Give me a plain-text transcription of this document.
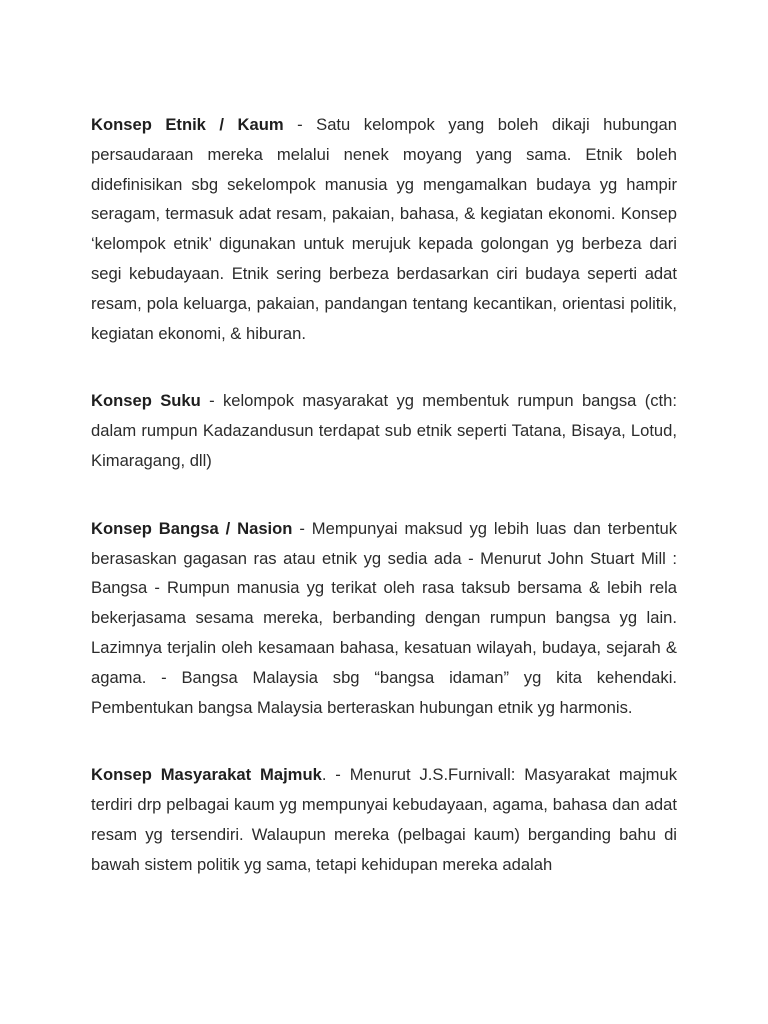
Konsep Etnik / Kaum - Satu kelompok yang boleh dikaji hubungan persaudaraan mereka melalui nenek moyang yang sama. Etnik boleh didefinisikan sbg sekelompok manusia yg mengamalkan budaya yg hampir seragam, termasuk adat resam, pakaian, bahasa, & kegiatan ekonomi. Konsep ‘kelompok etnik’ digunakan untuk merujuk kepada golongan yg berbeza dari segi kebudayaan. Etnik sering berbeza berdasarkan ciri budaya seperti adat resam, pola keluarga, pakaian, pandangan tentang kecantikan, orientasi politik, kegiatan ekonomi, & hiburan.

Konsep Suku - kelompok masyarakat yg membentuk rumpun bangsa (cth: dalam rumpun Kadazandusun terdapat sub etnik seperti Tatana, Bisaya, Lotud, Kimaragang, dll)

Konsep Bangsa / Nasion - Mempunyai maksud yg lebih luas dan terbentuk berasaskan gagasan ras atau etnik yg sedia ada - Menurut John Stuart Mill : Bangsa - Rumpun manusia yg terikat oleh rasa taksub bersama & lebih rela bekerjasama sesama mereka, berbanding dengan rumpun bangsa yg lain. Lazimnya terjalin oleh kesamaan bahasa, kesatuan wilayah, budaya, sejarah & agama. - Bangsa Malaysia sbg “bangsa idaman” yg kita kehendaki. Pembentukan bangsa Malaysia berteraskan hubungan etnik yg harmonis.

Konsep Masyarakat Majmuk. - Menurut J.S.Furnivall: Masyarakat majmuk terdiri drp pelbagai kaum yg mempunyai kebudayaan, agama, bahasa dan adat resam yg tersendiri. Walaupun mereka (pelbagai kaum) berganding bahu di bawah sistem politik yg sama, tetapi kehidupan mereka adalah
